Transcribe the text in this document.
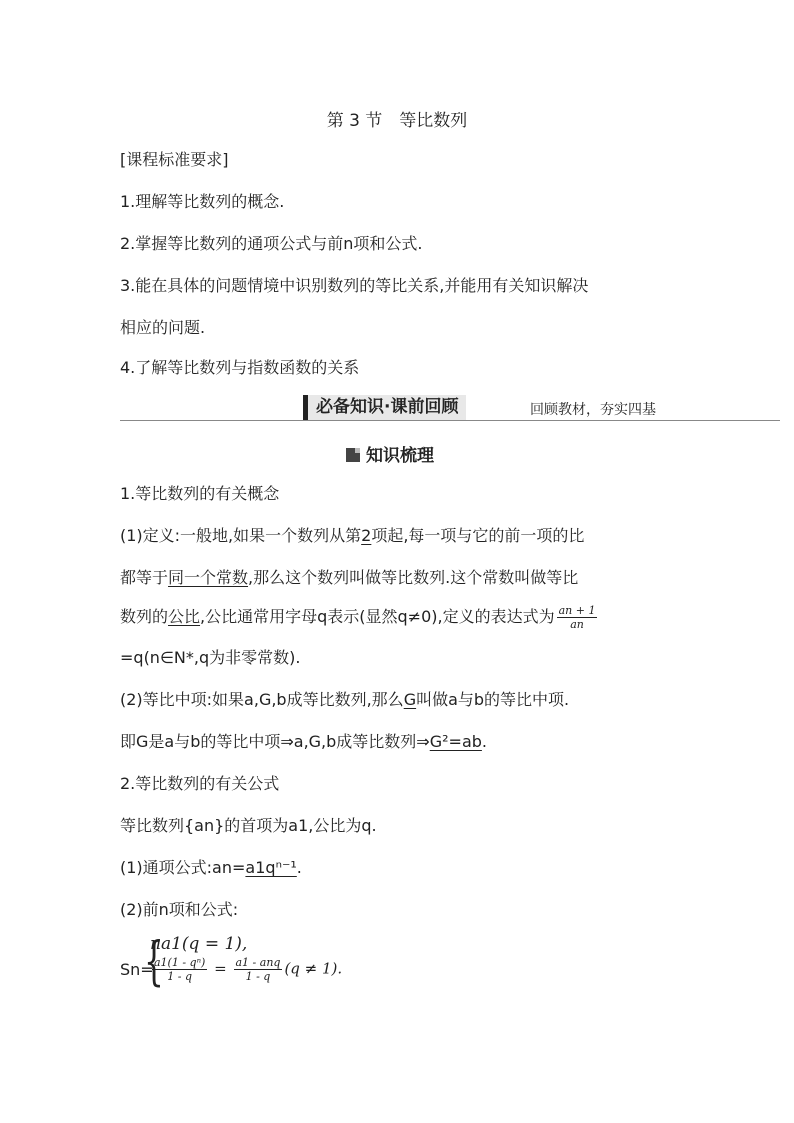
第 3 节　等比数列
[课程标准要求]
1.理解等比数列的概念.
2.掌握等比数列的通项公式与前n项和公式.
3.能在具体的问题情境中识别数列的等比关系,并能用有关知识解决
相应的问题.
4.了解等比数列与指数函数的关系
必备知识·课前回顾	回顾教材，夯实四基
知识梳理
1.等比数列的有关概念
(1)定义:一般地,如果一个数列从第2项起,每一项与它的前一项的比
都等于同一个常数,那么这个数列叫做等比数列.这个常数叫做等比
数列的公比,公比通常用字母q表示(显然q≠0),定义的表达式为 $\frac{an + 1}{an}$
=q(n∈N*,q为非零常数).
(2)等比中项:如果a,G,b成等比数列,那么G叫做a与b的等比中项.
即G是a与b的等比中项⇒a,G,b成等比数列⇒G²=ab.
2.等比数列的有关公式
等比数列{an}的首项为a1,公比为q.
(1)通项公式:an=a1qⁿ⁻¹.
(2)前n项和公式:
Sn=
{
na1(q = 1),
$\frac{\text{a1(1 - qⁿ)}}{1 - q} = \frac{\text{a1 - anq}}{1 - q} (q \ne 1)$.
